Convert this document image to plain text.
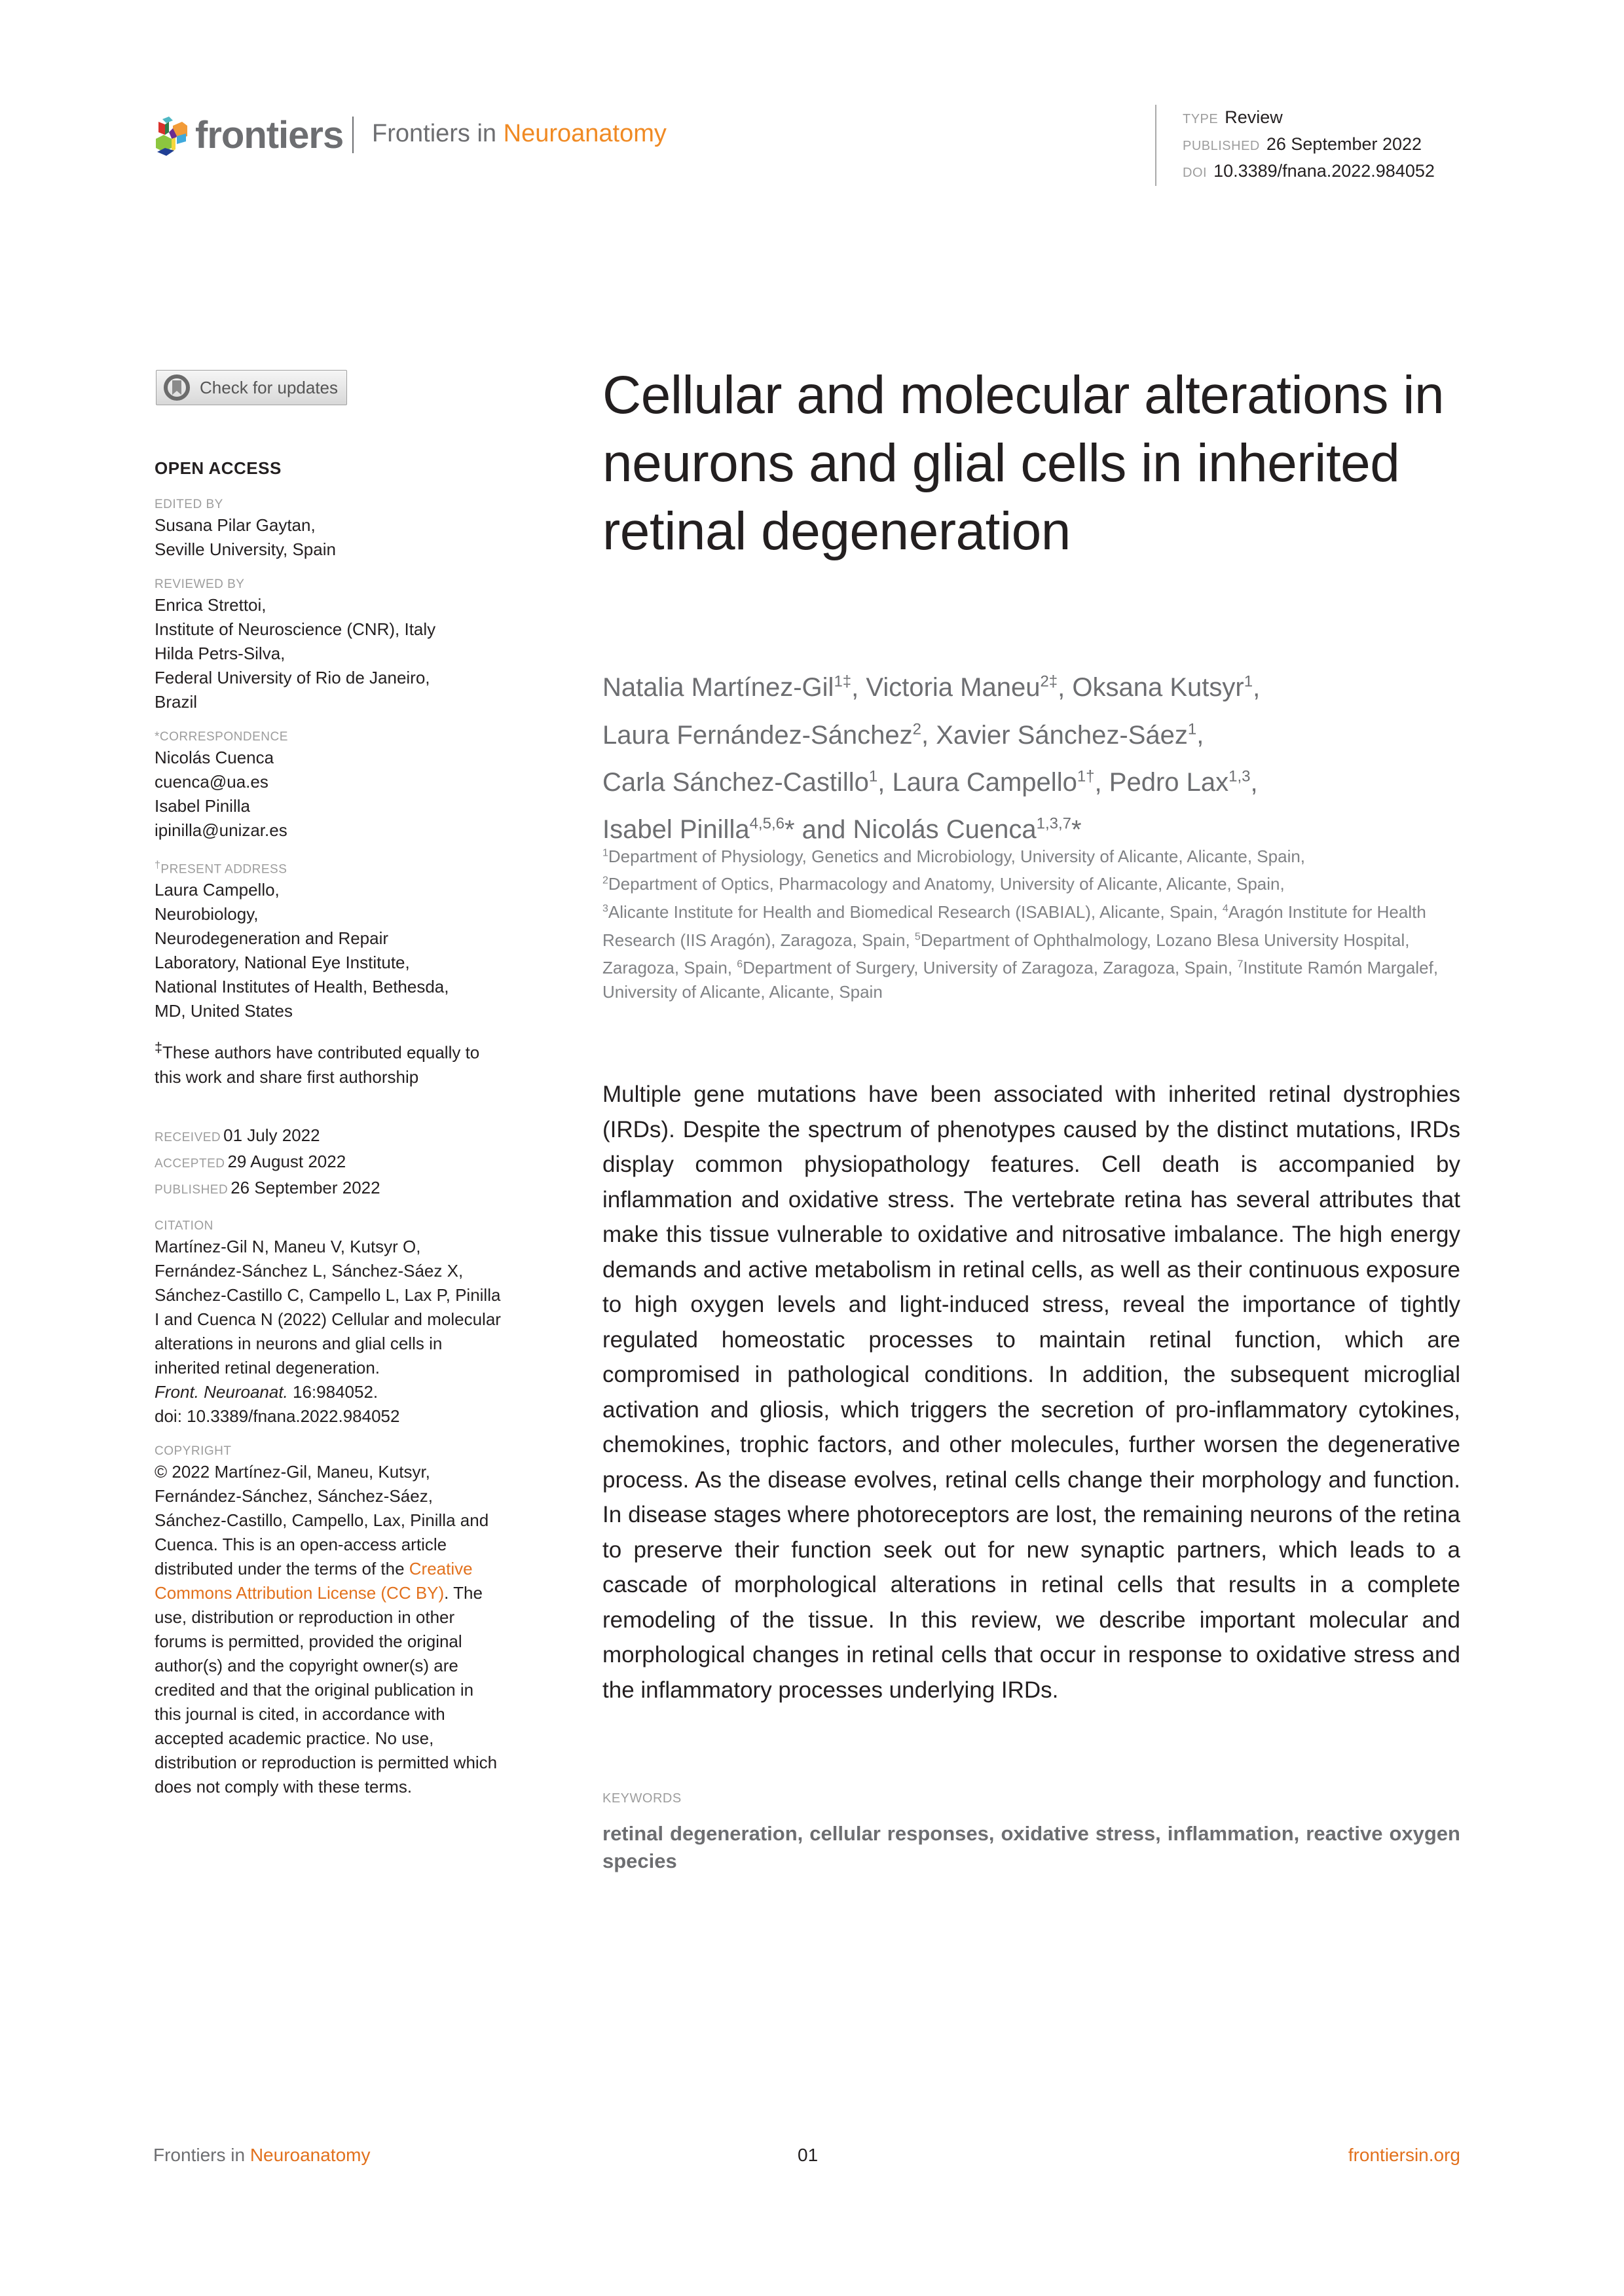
frontiers Frontiers in Neuroanatomy
TYPE Review
PUBLISHED 26 September 2022
DOI 10.3389/fnana.2022.984052
Check for updates
OPEN ACCESS
EDITED BY
Susana Pilar Gaytan,
Seville University, Spain
REVIEWED BY
Enrica Strettoi,
Institute of Neuroscience (CNR), Italy
Hilda Petrs-Silva,
Federal University of Rio de Janeiro,
Brazil
*CORRESPONDENCE
Nicolás Cuenca
cuenca@ua.es
Isabel Pinilla
ipinilla@unizar.es
†PRESENT ADDRESS
Laura Campello,
Neurobiology,
Neurodegeneration and Repair
Laboratory, National Eye Institute,
National Institutes of Health, Bethesda,
MD, United States
‡These authors have contributed equally to this work and share first authorship
RECEIVED 01 July 2022
ACCEPTED 29 August 2022
PUBLISHED 26 September 2022
CITATION
Martínez-Gil N, Maneu V, Kutsyr O, Fernández-Sánchez L, Sánchez-Sáez X, Sánchez-Castillo C, Campello L, Lax P, Pinilla I and Cuenca N (2022) Cellular and molecular alterations in neurons and glial cells in inherited retinal degeneration.
Front. Neuroanat. 16:984052.
doi: 10.3389/fnana.2022.984052
COPYRIGHT
© 2022 Martínez-Gil, Maneu, Kutsyr, Fernández-Sánchez, Sánchez-Sáez, Sánchez-Castillo, Campello, Lax, Pinilla and Cuenca. This is an open-access article distributed under the terms of the Creative Commons Attribution License (CC BY). The use, distribution or reproduction in other forums is permitted, provided the original author(s) and the copyright owner(s) are credited and that the original publication in this journal is cited, in accordance with accepted academic practice. No use, distribution or reproduction is permitted which does not comply with these terms.
Cellular and molecular alterations in neurons and glial cells in inherited retinal degeneration
Natalia Martínez-Gil$^{1\ddagger}$, Victoria Maneu$^{2\ddagger}$, Oksana Kutsyr$^1$,
Laura Fernández-Sánchez$^2$, Xavier Sánchez-Sáez$^1$,
Carla Sánchez-Castillo$^1$, Laura Campello$^{1\dagger}$, Pedro Lax$^{1,3}$,
Isabel Pinilla$^{4,5,6}$* and Nicolás Cuenca$^{1,3,7}$*
$^1$Department of Physiology, Genetics and Microbiology, University of Alicante, Alicante, Spain,
$^2$Department of Optics, Pharmacology and Anatomy, University of Alicante, Alicante, Spain,
$^3$Alicante Institute for Health and Biomedical Research (ISABIAL), Alicante, Spain, $^4$Aragón Institute for Health Research (IIS Aragón), Zaragoza, Spain, $^5$Department of Ophthalmology, Lozano Blesa University Hospital, Zaragoza, Spain, $^6$Department of Surgery, University of Zaragoza, Zaragoza, Spain, $^7$Institute Ramón Margalef, University of Alicante, Alicante, Spain

Multiple gene mutations have been associated with inherited retinal dystrophies (IRDs). Despite the spectrum of phenotypes caused by the distinct mutations, IRDs display common physiopathology features. Cell death is accompanied by inflammation and oxidative stress. The vertebrate retina has several attributes that make this tissue vulnerable to oxidative and nitrosative imbalance. The high energy demands and active metabolism in retinal cells, as well as their continuous exposure to high oxygen levels and light-induced stress, reveal the importance of tightly regulated homeostatic processes to maintain retinal function, which are compromised in pathological conditions. In addition, the subsequent microglial activation and gliosis, which triggers the secretion of pro-inflammatory cytokines, chemokines, trophic factors, and other molecules, further worsen the degenerative process. As the disease evolves, retinal cells change their morphology and function. In disease stages where photoreceptors are lost, the remaining neurons of the retina to preserve their function seek out for new synaptic partners, which leads to a cascade of morphological alterations in retinal cells that results in a complete remodeling of the tissue. In this review, we describe important molecular and morphological changes in retinal cells that occur in response to oxidative stress and the inflammatory processes underlying IRDs.

KEYWORDS
retinal degeneration, cellular responses, oxidative stress, inflammation, reactive oxygen species
Frontiers in Neuroanatomy	01	frontiersin.org
